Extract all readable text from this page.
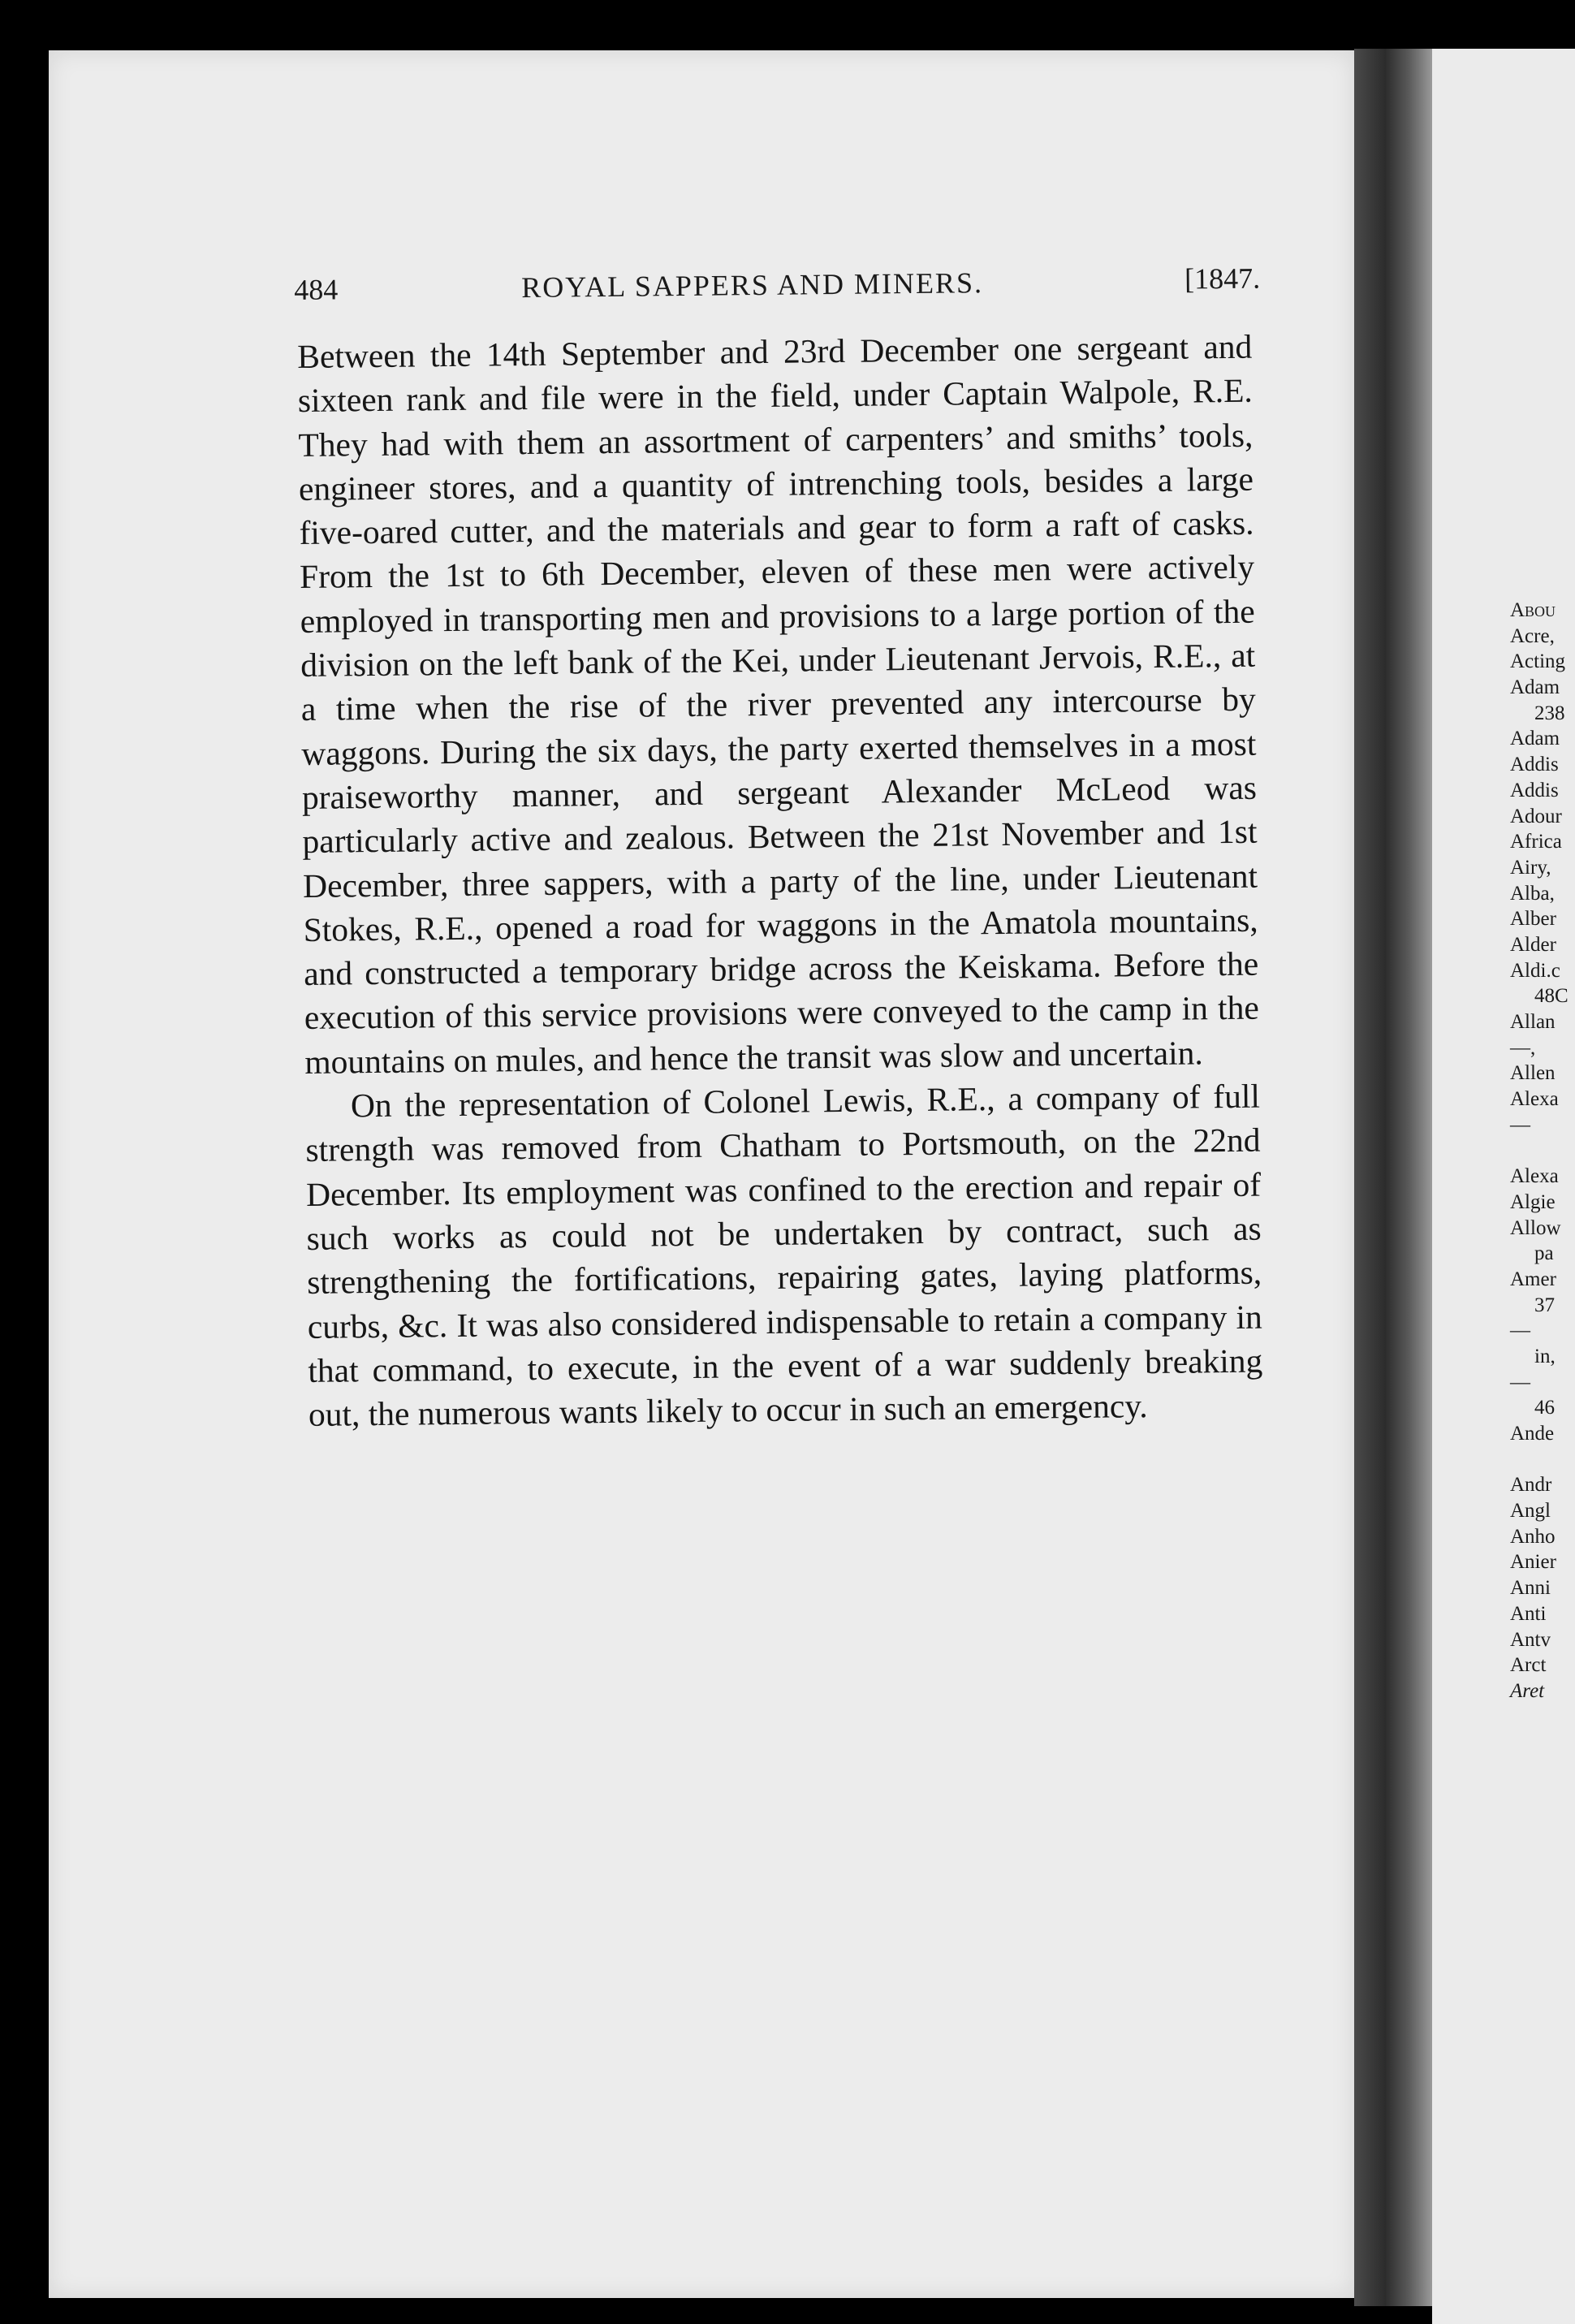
484	ROYAL SAPPERS AND MINERS.	[1847.

Between the 14th September and 23rd December one sergeant and sixteen rank and file were in the field, under Captain Walpole, R.E. They had with them an assortment of carpenters’ and smiths’ tools, engineer stores, and a quantity of intrenching tools, besides a large five-oared cutter, and the materials and gear to form a raft of casks. From the 1st to 6th December, eleven of these men were actively employed in transporting men and provisions to a large portion of the division on the left bank of the Kei, under Lieutenant Jervois, R.E., at a time when the rise of the river prevented any intercourse by waggons. During the six days, the party exerted themselves in a most praiseworthy manner, and sergeant Alexander McLeod was particularly active and zealous. Between the 21st November and 1st December, three sappers, with a party of the line, under Lieutenant Stokes, R.E., opened a road for waggons in the Amatola mountains, and constructed a temporary bridge across the Keiskama. Before the execution of this service provisions were conveyed to the camp in the mountains on mules, and hence the transit was slow and uncertain.

On the representation of Colonel Lewis, R.E., a company of full strength was removed from Chatham to Portsmouth, on the 22nd December. Its employment was confined to the erection and repair of such works as could not be undertaken by contract, such as strengthening the fortifications, repairing gates, laying platforms, curbs, &c. It was also considered indispensable to retain a company in that command, to execute, in the event of a war suddenly breaking out, the numerous wants likely to occur in such an emergency.

Abou
Acre,
Acting
Adam
238
Adam
Addis
Addis
Adour
Africa
Airy,
Alba,
Alber
Alder
Aldi.c
48C
Allan
—,
Allen
Alexa
—
Alexa
Algie
Allow
pa
Amer
37
—
in,
—
46
Ande
Andr
Angl
Anho
Anier
Anni
Anti
Antv
Arct
Aret
